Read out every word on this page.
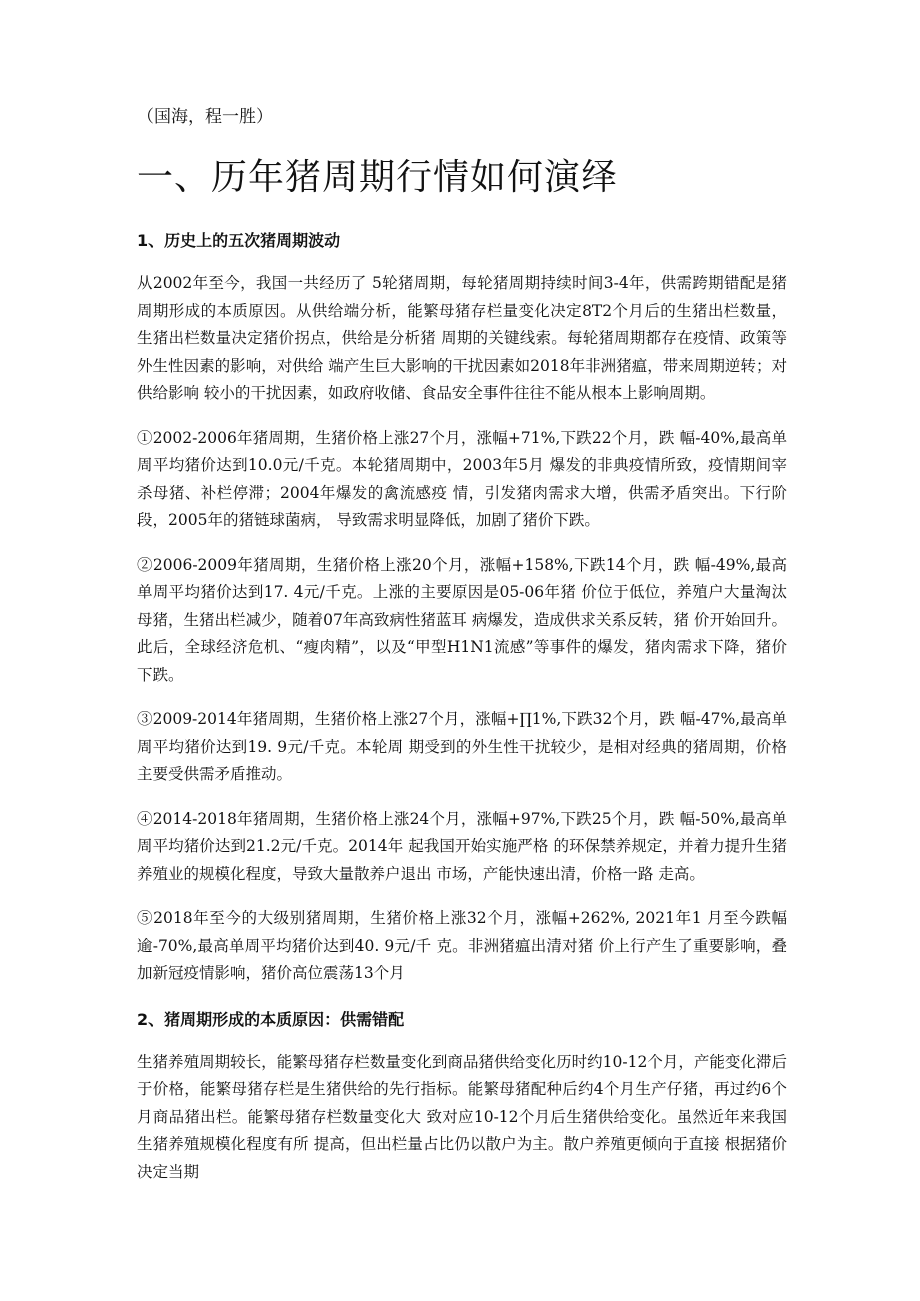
（国海，程一胜）
一、历年猪周期行情如何演绎
1、历史上的五次猪周期波动

从2002年至今，我国一共经历了 5轮猪周期，每轮猪周期持续时间3-4年，供需跨期错配是猪周期形成的本质原因。从供给端分析，能繁母猪存栏量变化决定8T2个月后的生猪出栏数量，生猪出栏数量决定猪价拐点，供给是分析猪 周期的关键线索。每轮猪周期都存在疫情、政策等外生性因素的影响，对供给 端产生巨大影响的干扰因素如2018年非洲猪瘟，带来周期逆转；对供给影响 较小的干扰因素，如政府收储、食品安全事件往往不能从根本上影响周期。

①2002-2006年猪周期，生猪价格上涨27个月，涨幅+71%,下跌22个月，跌 幅-40%,最高单周平均猪价达到10.0元/千克。本轮猪周期中，2003年5月 爆发的非典疫情所致，疫情期间宰杀母猪、补栏停滞；2004年爆发的禽流感疫 情，引发猪肉需求大增，供需矛盾突出。下行阶段，2005年的猪链球菌病， 导致需求明显降低，加剧了猪价下跌。

②2006-2009年猪周期，生猪价格上涨20个月，涨幅+158%,下跌14个月，跌 幅-49%,最高单周平均猪价达到17. 4元/千克。上涨的主要原因是05-06年猪 价位于低位，养殖户大量淘汰母猪，生猪出栏减少，随着07年高致病性猪蓝耳 病爆发，造成供求关系反转，猪 价开始回升。此后，全球经济危机、“瘦肉精”，以及“甲型H1N1流感”等事件的爆发，猪肉需求下降，猪价下跌。

③2009-2014年猪周期，生猪价格上涨27个月，涨幅+∏1%,下跌32个月，跌 幅-47%,最高单周平均猪价达到19. 9元/千克。本轮周 期受到的外生性干扰较少，是相对经典的猪周期，价格主要受供需矛盾推动。

④2014-2018年猪周期，生猪价格上涨24个月，涨幅+97%,下跌25个月，跌 幅-50%,最高单周平均猪价达到21.2元/千克。2014年 起我国开始实施严格 的环保禁养规定，并着力提升生猪养殖业的规模化程度，导致大量散养户退出 市场，产能快速出清，价格一路 走高。

⑤2018年至今的大级别猪周期，生猪价格上涨32个月，涨幅+262%, 2021年1 月至今跌幅逾-70%,最高单周平均猪价达到40. 9元/千 克。非洲猪瘟出清对猪 价上行产生了重要影响，叠加新冠疫情影响，猪价高位震荡13个月

2、猪周期形成的本质原因：供需错配

生猪养殖周期较长，能繁母猪存栏数量变化到商品猪供给变化历时约10-12个月，产能变化滞后于价格，能繁母猪存栏是生猪供给的先行指标。能繁母猪配种后约4个月生产仔猪，再过约6个月商品猪出栏。能繁母猪存栏数量变化大 致对应10-12个月后生猪供给变化。虽然近年来我国生猪养殖规模化程度有所 提高，但出栏量占比仍以散户为主。散户养殖更倾向于直接 根据猪价决定当期
